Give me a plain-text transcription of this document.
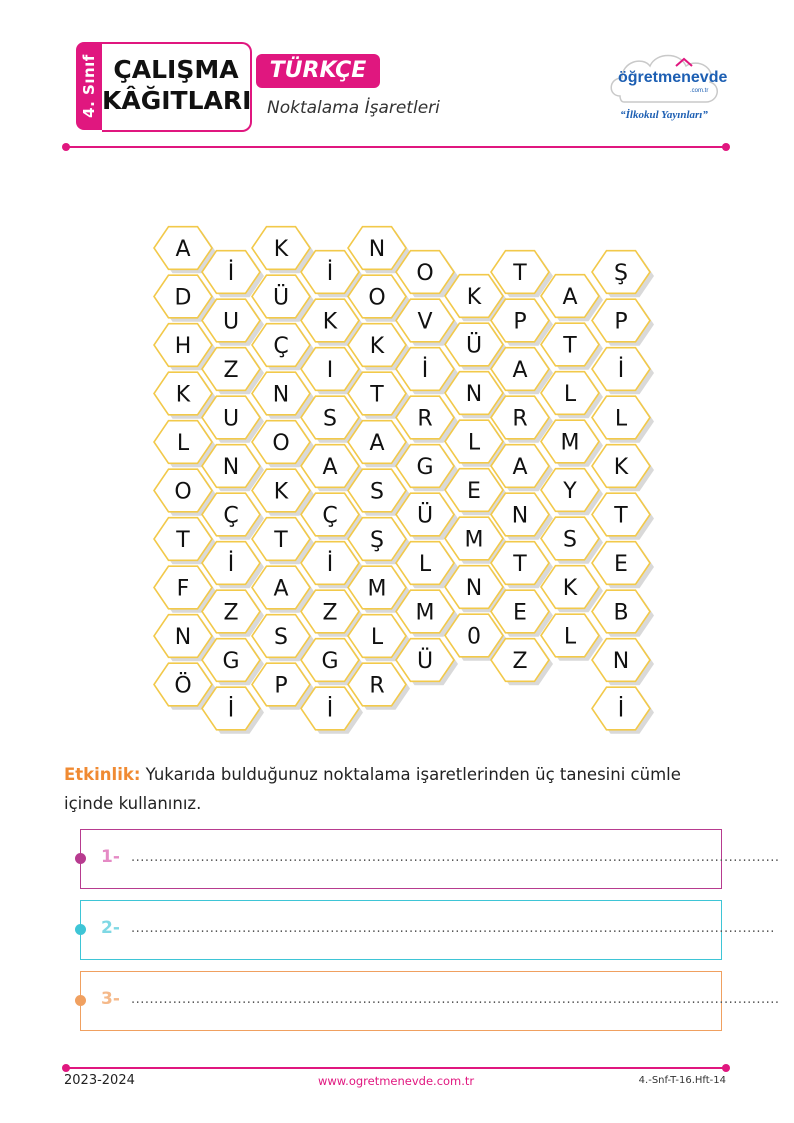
4. Sınıf ÇALIŞMA
KÂĞITLARI
TÜRKÇE
Noktalama İşaretleri
öğretmenevde
.com.tr
“İlkokul Yayınları”
A
D
H
K
L
O
T
F
N
Ö
İ
U
Z
U
N
Ç
İ
Z
G
İ
K
Ü
Ç
N
O
K
T
A
S
P
İ
K
I
S
A
Ç
İ
Z
G
İ
N
O
K
T
A
S
Ş
M
L
R
O
V
İ
R
G
Ü
L
M
Ü
K
Ü
N
L
E
M
N
0
T
P
A
R
A
N
T
E
Z
A
T
L
M
Y
S
K
L
Ş
P
İ
L
K
T
E
B
N
İ
Etkinlik: Yukarıda bulduğunuz noktalama işaretlerinden üç tanesini cümle içinde kullanınız.
1- ............................................................................................................................................
2- ...........................................................................................................................................
3- ............................................................................................................................................
2023-2024	www.ogretmenevde.com.tr	4.-Snf-T-16.Hft-14
